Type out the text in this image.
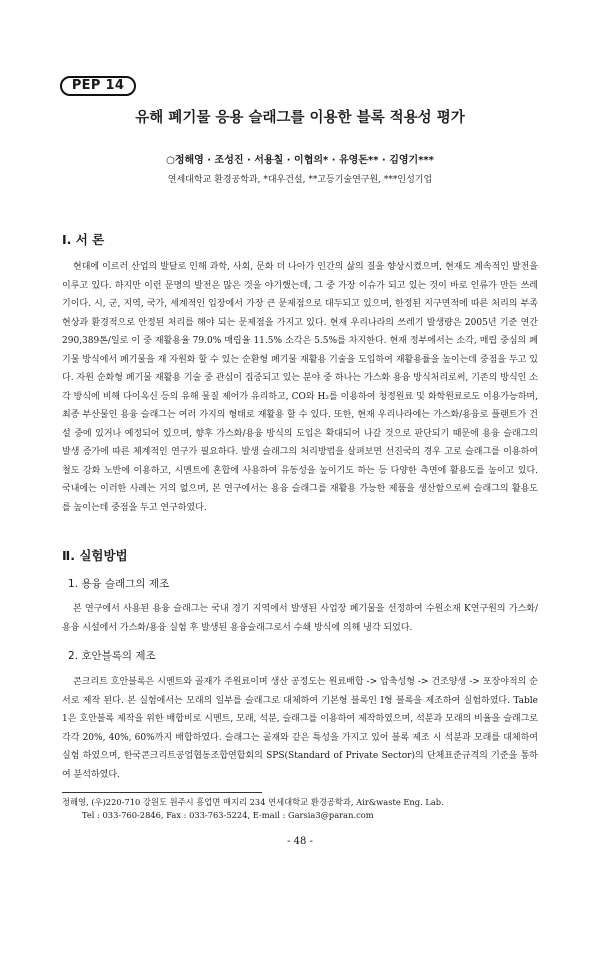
PEP 14
유해 폐기물 응용 슬래그를 이용한 블록 적용성 평가
○정해영 · 조성진 · 서용칠 · 이협의* · 유영돈** · 김영기***
연세대학교 환경공학과, *대우건설, **고등기술연구원, ***인성기업
Ⅰ. 서 론
현대에 이르러 산업의 발달로 인해 과학, 사회, 문화 더 나아가 인간의 삶의 질을 향상시켰으며, 현재도 계속적인 발전을 이루고 있다. 하지만 이런 문명의 발전은 많은 것을 야기했는데, 그 중 가장 이슈가 되고 있는 것이 바로 인류가 만든 쓰레기이다. 시, 군, 지역, 국가, 세계적인 입장에서 가장 큰 문제점으로 대두되고 있으며, 한정된 지구면적에 따른 처리의 부족현상과 환경적으로 안정된 처리를 해야 되는 문제점을 가지고 있다. 현재 우리나라의 쓰레기 발생량은 2005년 기준 연간 290,389톤/일로 이 중 재활용율 79.0% 매립율 11.5% 소각은 5.5%를 차지한다. 현재 정부에서는 소각, 매립 중심의 폐기물 방식에서 폐기물을 재 자원화 할 수 있는 순환형 폐기물 재활용 기술을 도입하여 재활용률을 높이는데 중점을 두고 있다. 자원 순화형 폐기물 재활용 기술 중 관심이 집중되고 있는 분야 중 하나는 가스화 용융 방식처리로써, 기존의 방식인 소각 방식에 비해 다이옥신 등의 유해 물질 제어가 유리하고, CO와 H₂를 이용하여 청정원료 및 화학원료로도 이용가능하며, 최종 부산물인 용융 슬래그는 여러 가지의 형태로 재활용 할 수 있다. 또한, 현재 우리나라에는 가스화/용융로 플랜트가 건설 중에 있거나 예정되어 있으며, 향후 가스화/용융 방식의 도입은 확대되어 나갈 것으로 판단되기 때문에 용융 슬래그의 발생 증가에 따른 체계적인 연구가 필요하다. 발생 슬래그의 처리방법을 살펴보면 선진국의 경우 고로 슬래그를 이용하여 철도 강화 노반에 이용하고, 시멘트에 혼합에 사용하여 유동성을 높이기도 하는 등 다양한 측면에 활용도를 높이고 있다. 국내에는 이러한 사례는 거의 없으며, 본 연구에서는 용융 슬래그를 재활용 가능한 제품을 생산함으로써 슬래그의 활용도를 높이는데 중점을 두고 연구하였다.
Ⅱ. 실험방법
1. 용융 슬래그의 제조
본 연구에서 사용된 용융 슬래그는 국내 경기 지역에서 발생된 사업장 폐기물을 선정하여 수원소재 K연구원의 가스화/용융 시설에서 가스화/용융 실험 후 발생된 용융슬래그로서 수쇄 방식에 의해 냉각 되었다.
2. 호안블록의 제조
콘크리트 호안블록은 시멘트와 골재가 주원료이며 생산 공정도는 원료배합 -> 압축성형 -> 건조양생 -> 포장야적의 순서로 제작 된다. 본 실험에서는 모래의 일부를 슬래그로 대체하여 기본형 블록인 I형 블록을 제조하여 실험하였다. Table 1은 호안블록 제작을 위한 배합비로 시멘트, 모래, 석분, 슬래그를 이용하여 제작하였으며, 석분과 모래의 비율을 슬래그로 각각 20%, 40%, 60%까지 배합하였다. 슬래그는 골재와 같은 특성을 가지고 있어 블록 제조 시 석분과 모래를 대체하여 실험 하였으며, 한국콘크리트공업협동조합연합회의 SPS(Standard of Private Sector)의 단체표준규격의 기준을 통하여 분석하였다.
정해영, (우)220-710 강원도 원주시 흥업면 매지리 234 연세대학교 환경공학과, Air&waste Eng. Lab.
Tel : 033-760-2846, Fax : 033-763-5224, E-mail : Garsia3@paran.com
- 48 -
